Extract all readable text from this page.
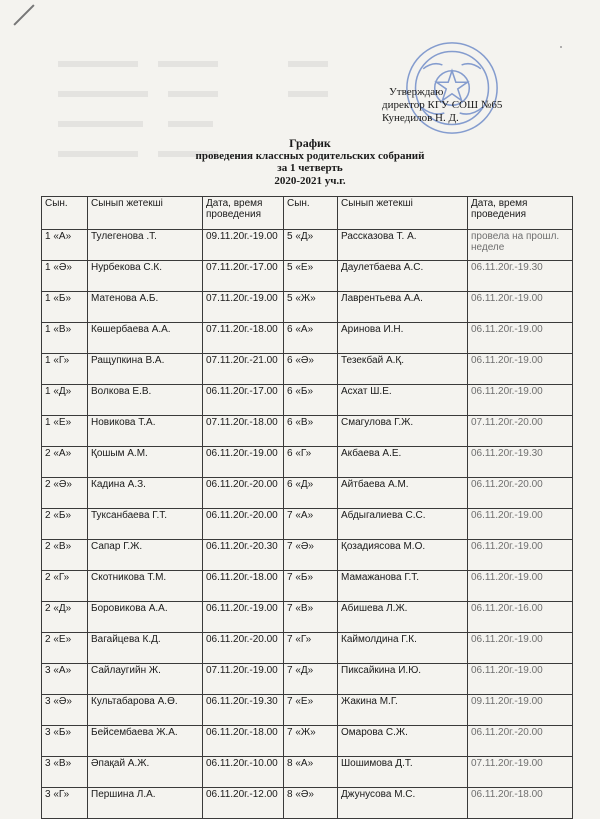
Утверждаю
директор КГУ СОШ №65
Кунедилов Н. Д.
График
проведения классных родительских собраний
за 1 четверть
2020-2021 уч.г.
Сын.	Сынып жетекші	Дата, время проведения	Сын.	Сынып жетекші	Дата, время проведения
1 «А»	Тулегенова .Т.	09.11.20г.-19.00	5 «Д»	Рассказова Т. А.	провела на прошл. неделе
1 «Ә»	Нурбекова С.К.	07.11.20г.-17.00	5 «Е»	Даулетбаева А.С.	06.11.20г.-19.30
1 «Б»	Матенова А.Б.	07.11.20г.-19.00	5 «Ж»	Лаврентьева А.А.	06.11.20г.-19.00
1 «В»	Көшербаева А.А.	07.11.20г.-18.00	6 «А»	Аринова И.Н.	06.11.20г.-19.00
1 «Г»	Ращупкина В.А.	07.11.20г.-21.00	6 «Ә»	Тезекбай А.Қ.	06.11.20г.-19.00
1 «Д»	Волкова Е.В.	06.11.20г.-17.00	6 «Б»	Асхат Ш.Е.	06.11.20г.-19.00
1 «Е»	Новикова Т.А.	07.11.20г.-18.00	6 «В»	Смагулова Г.Ж.	07.11.20г.-20.00
2 «А»	Қошым А.М.	06.11.20г.-19.00	6 «Г»	Акбаева А.Е.	06.11.20г.-19.30
2 «Ә»	Кадина А.З.	06.11.20г.-20.00	6 «Д»	Айтбаева А.М.	06.11.20г.-20.00
2 «Б»	Туксанбаева Г.Т.	06.11.20г.-20.00	7 «А»	Абдыгалиева С.С.	06.11.20г.-19.00
2 «В»	Сапар Г.Ж.	06.11.20г.-20.30	7 «Ә»	Қозадиясова М.О.	06.11.20г.-19.00
2 «Г»	Скотникова Т.М.	06.11.20г.-18.00	7 «Б»	Мамажанова Г.Т.	06.11.20г.-19.00
2 «Д»	Боровикова А.А.	06.11.20г.-19.00	7 «В»	Абишева Л.Ж.	06.11.20г.-16.00
2 «Е»	Вагайцева К.Д.	06.11.20г.-20.00	7 «Г»	Каймолдина Г.К.	06.11.20г.-19.00
3 «А»	Сайлаугийн Ж.	07.11.20г.-19.00	7 «Д»	Пиксайкина И.Ю.	06.11.20г.-19.00
3 «Ә»	Культабарова А.Ө.	06.11.20г.-19.30	7 «Е»	Жакина М.Г.	09.11.20г.-19.00
3 «Б»	Бейсембаева Ж.А.	06.11.20г.-18.00	7 «Ж»	Омарова С.Ж.	06.11.20г.-20.00
3 «В»	Әпақай А.Ж.	06.11.20г.-10.00	8 «А»	Шошимова Д.Т.	07.11.20г.-19.00
3 «Г»	Першина Л.А.	06.11.20г.-12.00	8 «Ә»	Джунусова М.С.	06.11.20г.-18.00
